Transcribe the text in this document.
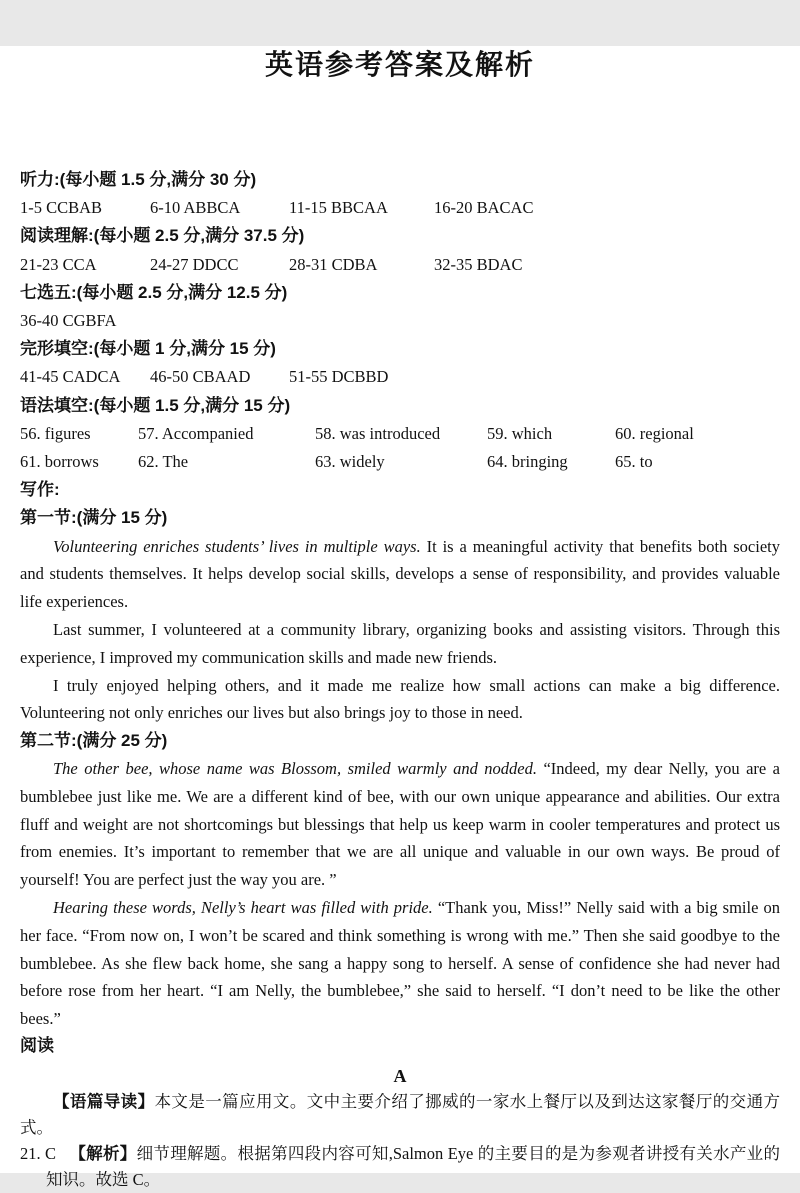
英语参考答案及解析
听力:(每小题 1.5 分,满分 30 分)
1-5 CCBAB	6-10 ABBCA	11-15 BBCAA	16-20 BACAC
阅读理解:(每小题 2.5 分,满分 37.5 分)
21-23 CCA	24-27 DDCC	28-31 CDBA	32-35 BDAC
七选五:(每小题 2.5 分,满分 12.5 分)
36-40 CGBFA
完形填空:(每小题 1 分,满分 15 分)
41-45 CADCA 46-50 CBAAD 51-55 DCBBD
语法填空:(每小题 1.5 分,满分 15 分)
56. figures	57. Accompanied	58. was introduced	59. which	60. regional
61. borrows 62. The	63. widely	64. bringing	65. to
写作:
第一节:(满分 15 分)

Volunteering enriches students’ lives in multiple ways. It is a meaningful activity that benefits both society and students themselves. It helps develop social skills, develops a sense of responsibility, and provides valuable life experiences.

Last summer, I volunteered at a community library, organizing books and assisting visitors. Through this experience, I improved my communication skills and made new friends.

I truly enjoyed helping others, and it made me realize how small actions can make a big difference. Volunteering not only enriches our lives but also brings joy to those in need.

第二节:(满分 25 分)

The other bee, whose name was Blossom, smiled warmly and nodded. “Indeed, my dear Nelly, you are a bumblebee just like me. We are a different kind of bee, with our own unique appearance and abilities. Our extra fluff and weight are not shortcomings but blessings that help us keep warm in cooler temperatures and protect us from enemies. It’s important to remember that we are all unique and valuable in our own ways. Be proud of yourself! You are perfect just the way you are. ”

Hearing these words, Nelly’s heart was filled with pride. “Thank you, Miss!” Nelly said with a big smile on her face. “From now on, I won’t be scared and think something is wrong with me.” Then she said goodbye to the bumblebee. As she flew back home, she sang a happy song to herself. A sense of confidence she had never had before rose from her heart. “I am Nelly, the bumblebee,” she said to herself. “I don’t need to be like the other bees.”

阅读
A

【语篇导读】本文是一篇应用文。文中主要介绍了挪威的一家水上餐厅以及到达这家餐厅的交通方式。

21. C 【解析】细节理解题。根据第四段内容可知,Salmon Eye 的主要目的是为参观者讲授有关水产业的知识。故选 C。
